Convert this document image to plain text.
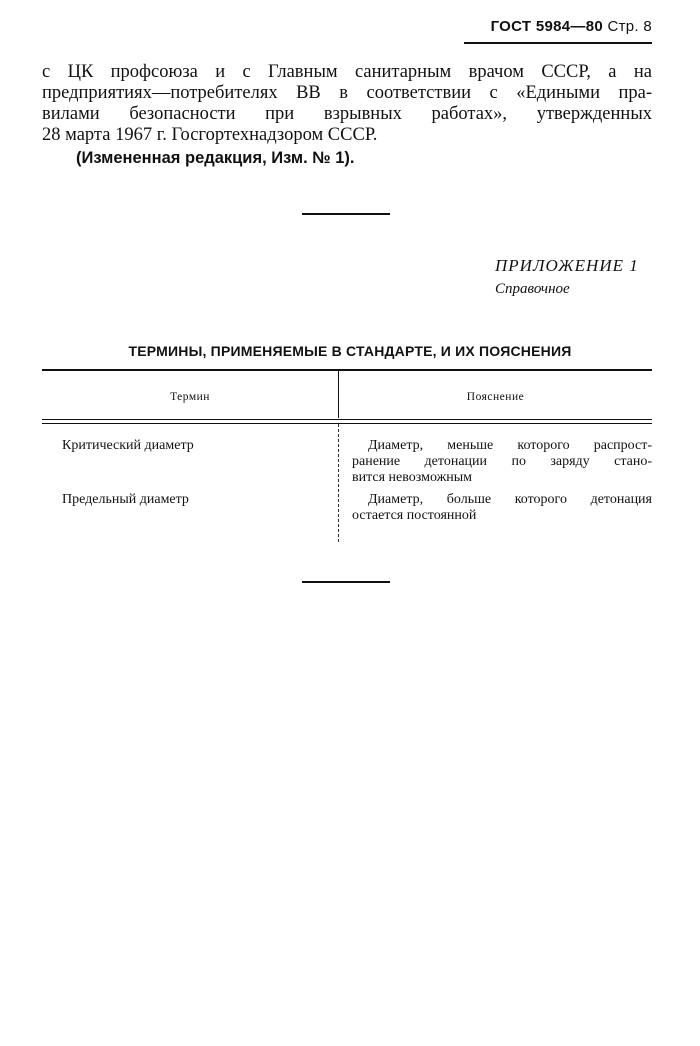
ГОСТ 5984—80 Стр. 8

с ЦК профсоюза и с Главным санитарным врачом СССР, а на

предприятиях—потребителях ВВ в соответствии с «Едиными пра-

вилами безопасности при взрывных работах», утвержденных

28 марта 1967 г. Госгортехнадзором СССР.

(Измененная редакция, Изм. № 1).
ПРИЛОЖЕНИЕ 1
Справочное
ТЕРМИНЫ, ПРИМЕНЯЕМЫЕ В СТАНДАРТЕ, И ИХ ПОЯСНЕНИЯ
Термин	Пояснение
Критический диаметр	Диаметр, меньше которого распрост-
ранение детонации по заряду стано-
вится невозможным
Предельный диаметр	Диаметр, больше которого детонация
остается постоянной
